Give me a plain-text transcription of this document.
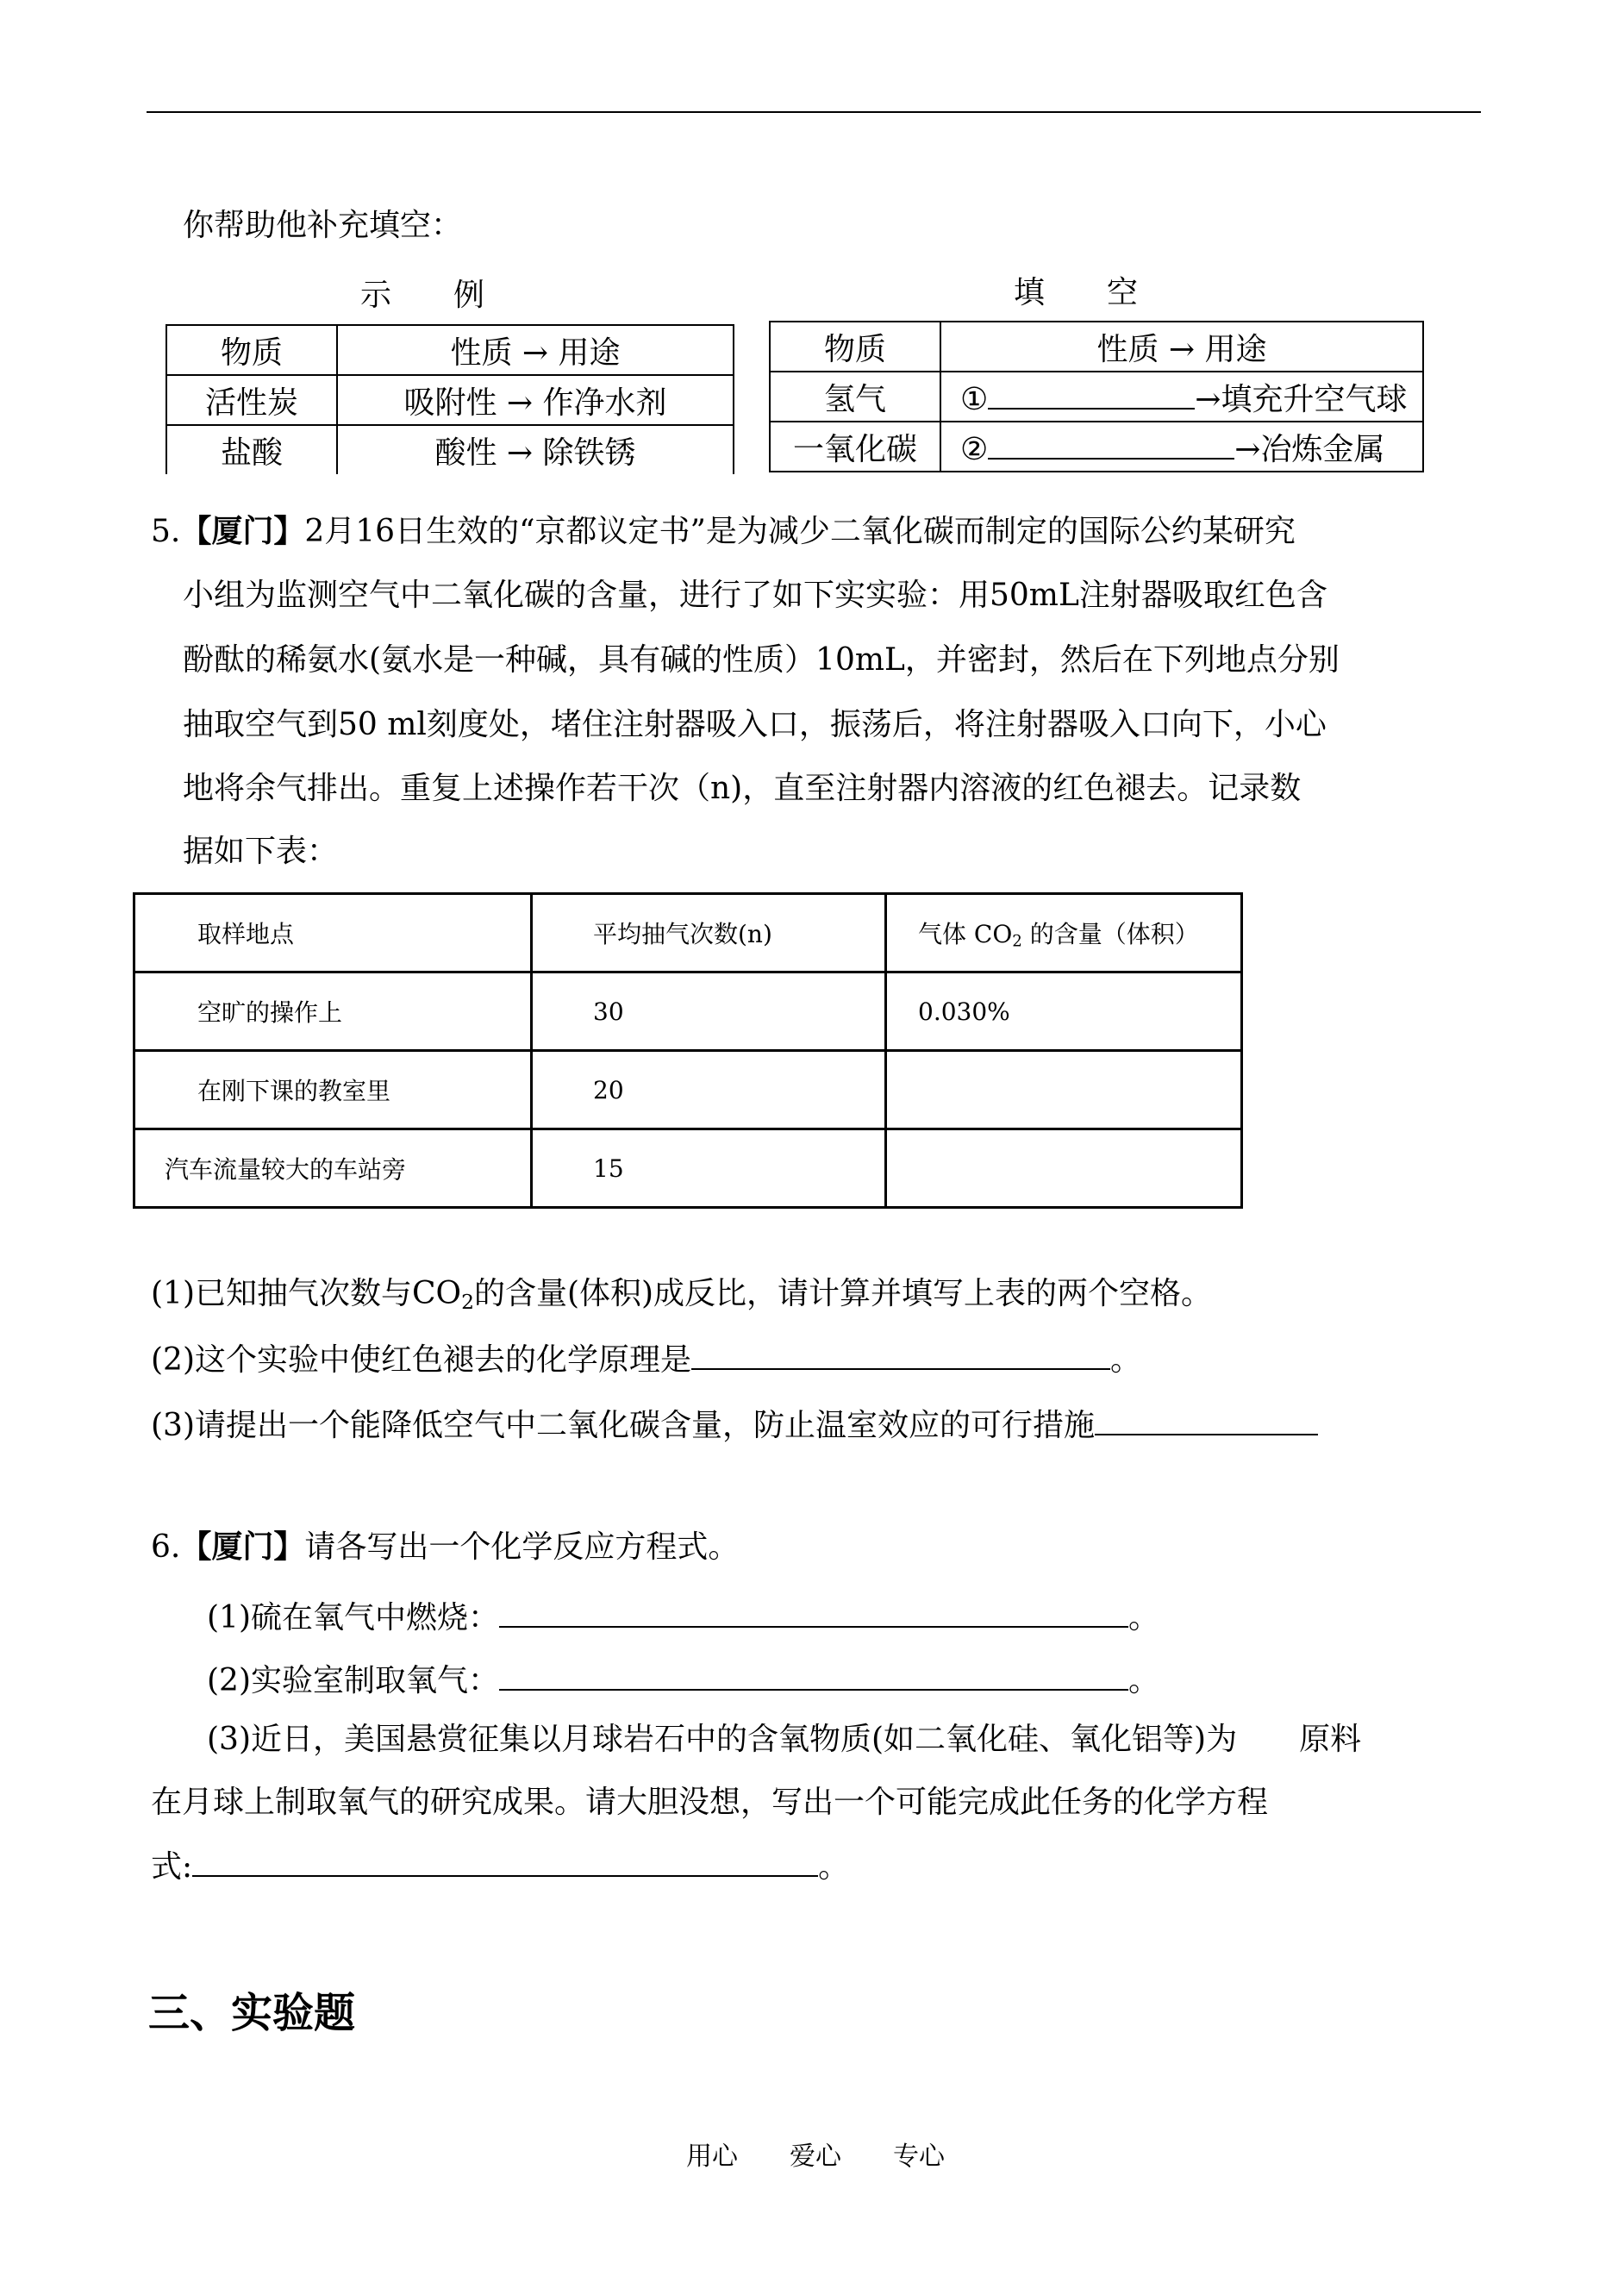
你帮助他补充填空：
示　　例
物质	性质 → 用途
活性炭	吸附性 → 作净水剂
盐酸	酸性 → 除铁锈
填　　空
物质	性质 → 用途
氢气	① →填充升空气球
一氧化碳	② →冶炼金属
5.【厦门】2月16日生效的“京都议定书”是为减少二氧化碳而制定的国际公约某研究
小组为监测空气中二氧化碳的含量，进行了如下实实验：用50mL注射器吸取红色含
酚酞的稀氨水(氨水是一种碱，具有碱的性质）10mL，并密封，然后在下列地点分别
抽取空气到50 ml刻度处，堵住注射器吸入口，振荡后，将注射器吸入口向下，小心
地将余气排出。重复上述操作若干次（n)，直至注射器内溶液的红色褪去。记录数
据如下表：
取样地点	平均抽气次数(n)	气体 $CO_2$ 的含量（体积）
空旷的操作上	30	0.030%
在刚下课的教室里	20	
汽车流量较大的车站旁	15	
(1)已知抽气次数与$CO_2$的含量(体积)成反比，请计算并填写上表的两个空格。
(2)这个实验中使红色褪去的化学原理是	。
(3)请提出一个能降低空气中二氧化碳含量，防止温室效应的可行措施
6.【厦门】请各写出一个化学反应方程式。
(1)硫在氧气中燃烧：	。
(2)实验室制取氧气：	。
(3)近日，美国悬赏征集以月球岩石中的含氧物质(如二氧化硅、氧化铝等)为　　原料
在月球上制取氧气的研究成果。请大胆没想，写出一个可能完成此任务的化学方程
式:	。
三、实验题
用心　　爱心　　专心
